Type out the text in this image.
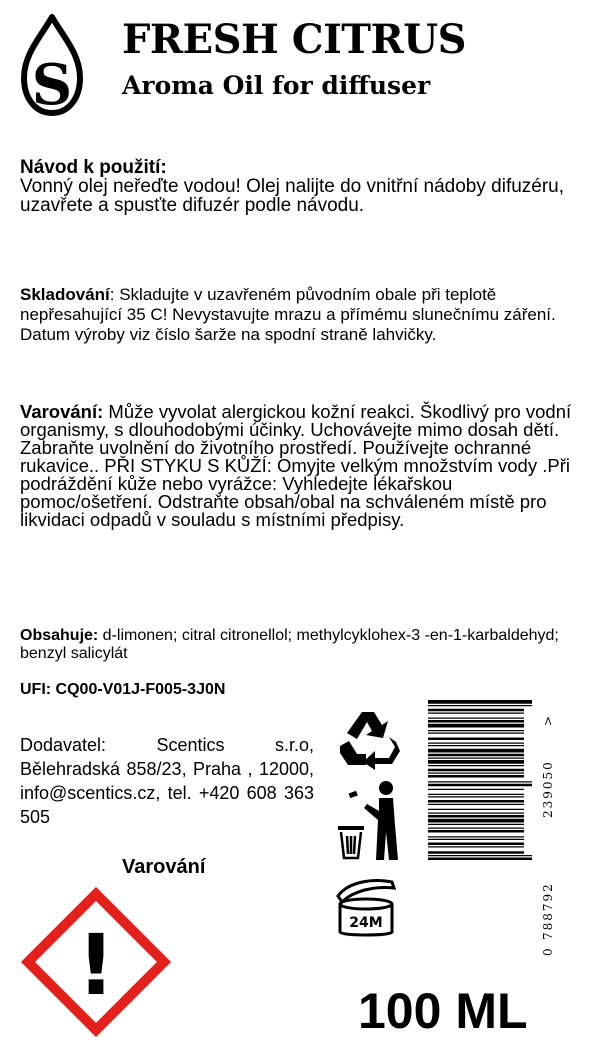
S
FRESH CITRUS
Aroma Oil for diffuser
Návod k použití:
Vonný olej neřeďte vodou! Olej nalijte do vnitřní nádoby difuzéru, uzavřete a spusťte difuzér podle návodu.
Skladování: Skladujte v uzavřeném původním obale při teplotě nepřesahující 35 C! Nevystavujte mrazu a přímému slunečnímu záření. Datum výroby viz číslo šarže na spodní straně lahvičky.
Varování: Může vyvolat alergickou kožní reakci. Škodlivý pro vodní organismy, s dlouhodobými účinky. Uchovávejte mimo dosah dětí. Zabraňte uvolnění do životního prostředí. Používejte ochranné rukavice.. PŘI STYKU S KŮŽÍ: Omyjte velkým množstvím vody .Při podráždění kůže nebo vyrážce: Vyhledejte lékařskou pomoc/ošetření. Odstraňte obsah/obal na schváleném místě pro likvidaci odpadů v souladu s místními předpisy.
Obsahuje: d-limonen; citral citronellol; methylcyklohex-3 -en-1-karbaldehyd; benzyl salicylát
UFI: CQ00-V01J-F005-3J0N
Dodavatel: Scentics s.r.o, Bělehradská 858/23, Praha , 12000, info@scentics.cz, tel. +420 608 363 505
Varování
!	24M
0
788792
239050
>
100 ML
